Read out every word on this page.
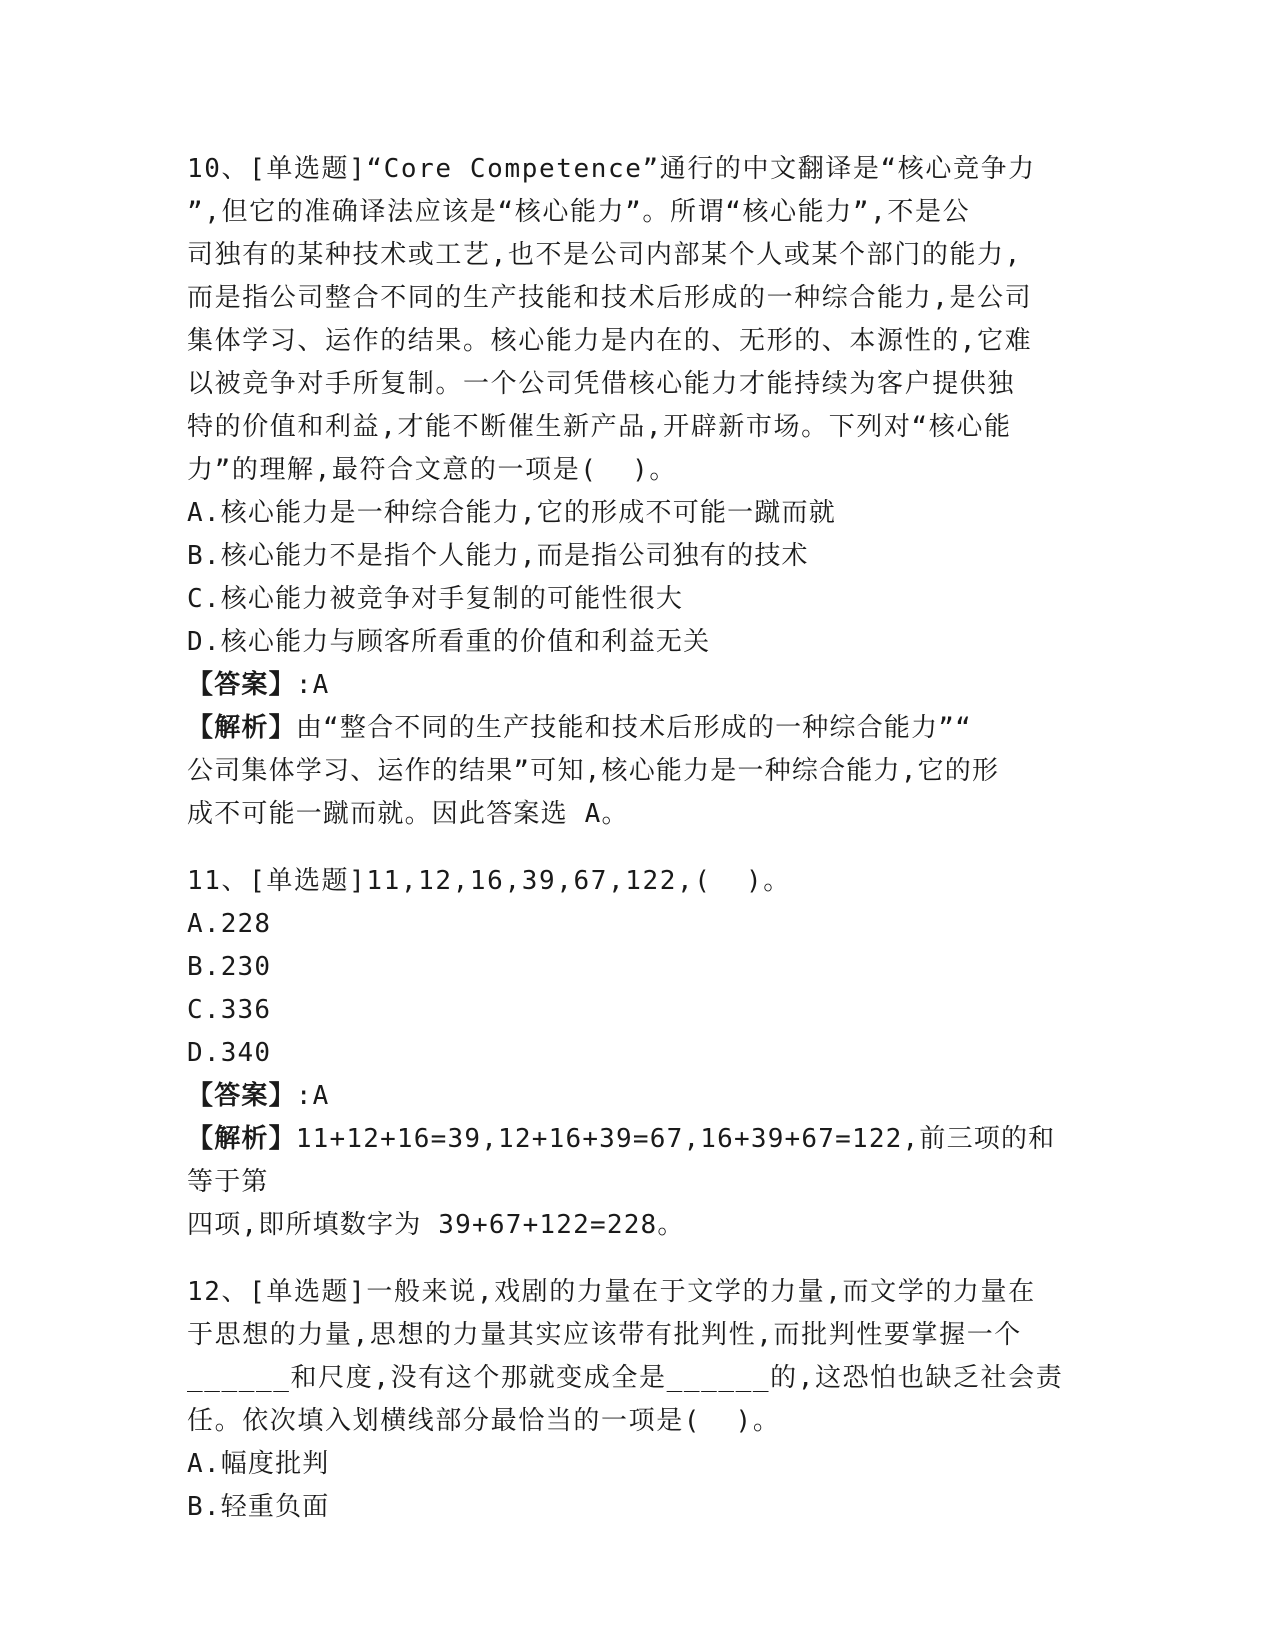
10、[单选题]“Core Competence”通行的中文翻译是“核心竞争力
”,但它的准确译法应该是“核心能力”。所谓“核心能力”,不是公
司独有的某种技术或工艺,也不是公司内部某个人或某个部门的能力,
而是指公司整合不同的生产技能和技术后形成的一种综合能力,是公司
集体学习、运作的结果。核心能力是内在的、无形的、本源性的,它难
以被竞争对手所复制。一个公司凭借核心能力才能持续为客户提供独
特的价值和利益,才能不断催生新产品,开辟新市场。下列对“核心能
力”的理解,最符合文意的一项是(  )。
A.核心能力是一种综合能力,它的形成不可能一蹴而就
B.核心能力不是指个人能力,而是指公司独有的技术
C.核心能力被竞争对手复制的可能性很大
D.核心能力与顾客所看重的价值和利益无关
【答案】:A
【解析】由“整合不同的生产技能和技术后形成的一种综合能力”“
公司集体学习、运作的结果”可知,核心能力是一种综合能力,它的形
成不可能一蹴而就。因此答案选 A。
11、[单选题]11,12,16,39,67,122,(  )。
A.228
B.230
C.336
D.340
【答案】:A
【解析】11+12+16=39,12+16+39=67,16+39+67=122,前三项的和等于第
四项,即所填数字为 39+67+122=228。
12、[单选题]一般来说,戏剧的力量在于文学的力量,而文学的力量在
于思想的力量,思想的力量其实应该带有批判性,而批判性要掌握一个
______和尺度,没有这个那就变成全是______的,这恐怕也缺乏社会责
任。依次填入划横线部分最恰当的一项是(  )。
A.幅度批判
B.轻重负面
